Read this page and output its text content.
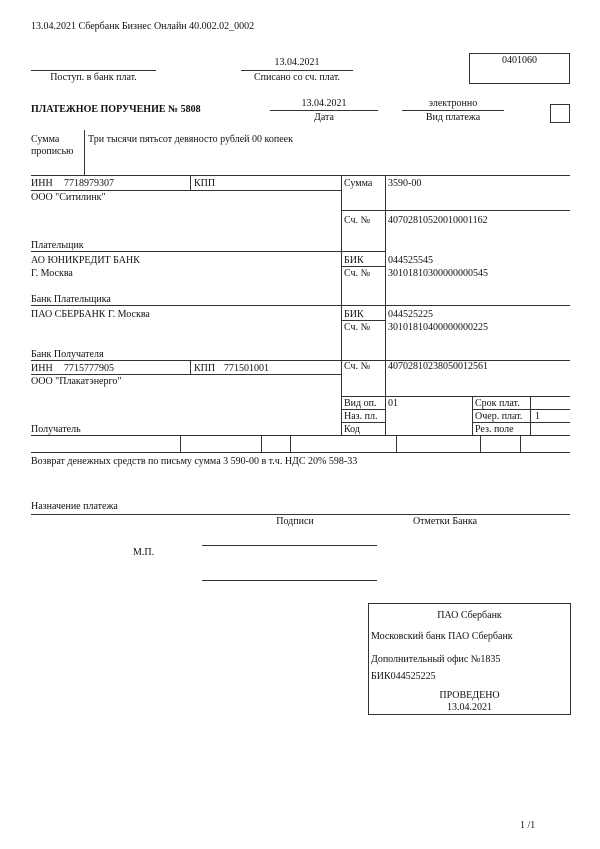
13.04.2021 Сбербанк Бизнес Онлайн 40.002.02_0002
0401060
Поступ. в банк плат.
13.04.2021
Списано со сч. плат.
ПЛАТЕЖНОЕ ПОРУЧЕНИЕ № 5808
13.04.2021
Дата
электронно
Вид платежа
Сумма
прописью
Три тысячи пятьсот девяносто рублей 00 копеек
ИНН 7718979307	КПП
ООО "Ситилинк"
Плательщик
Сумма 3590-00
Сч. № 40702810520010001162
АО ЮНИКРЕДИТ БАНК
Г. Москва
Банк Плательщика
БИК 044525545
Сч. № 30101810300000000545
ПАО СБЕРБАНК Г. Москва
Банк Получателя
БИК 044525225
Сч. № 30101810400000000225
ИНН 7715777905	КПП 771501001
ООО "Плакатэнерго"
Получатель
Сч. № 40702810238050012561
Вид оп. 01
Наз. пл.
Код
Срок плат.
Очер. плат. 1
Рез. поле
Возврат денежных средств по письму сумма 3 590-00 в т.ч. НДС 20% 598-33
Назначение платежа
Подписи	Отметки Банка
М.П.
ПАО Сбербанк
Московский банк ПАО Сбербанк
Дополнительный офис №1835
БИК044525225
ПРОВЕДЕНО
13.04.2021
1 /1
